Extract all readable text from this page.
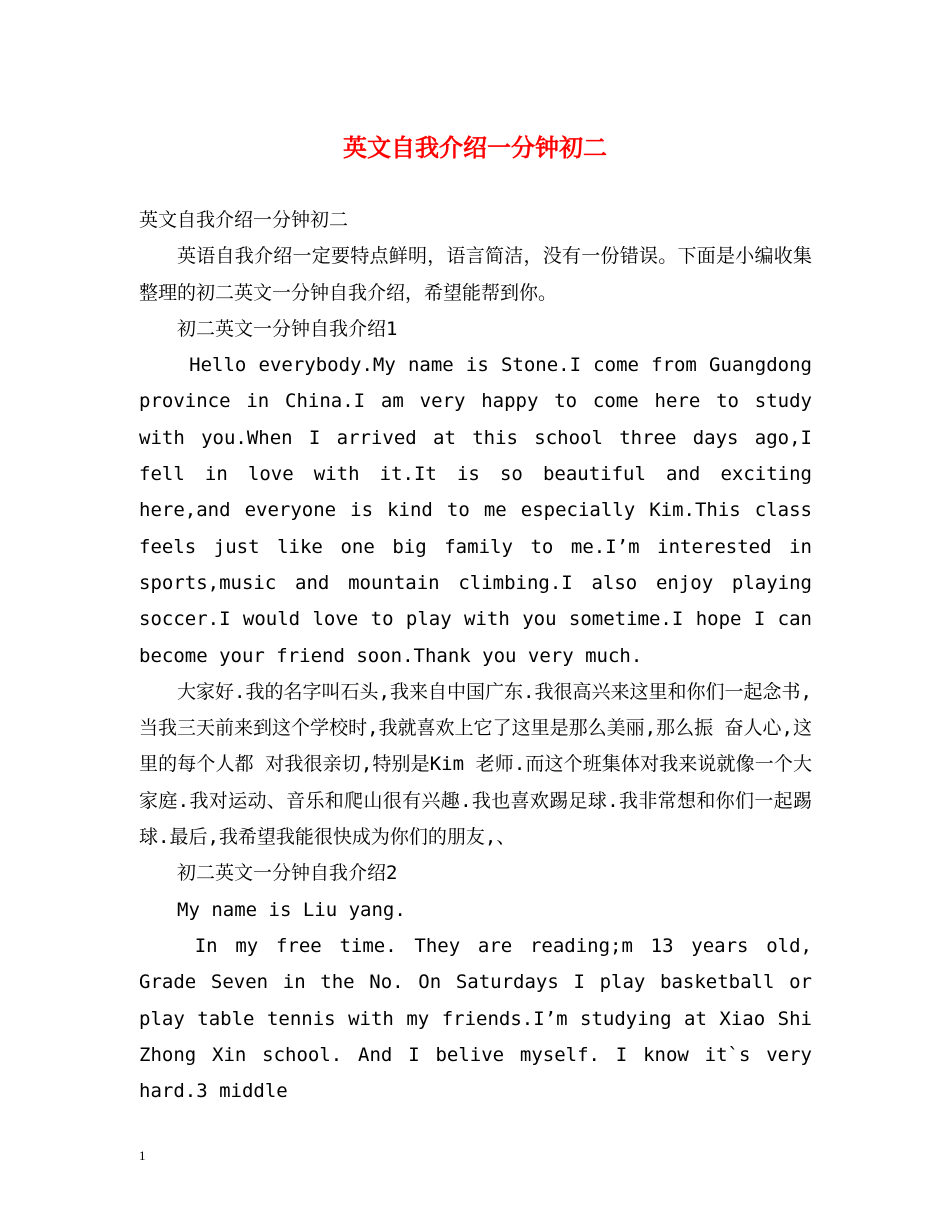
英文自我介绍一分钟初二

英文自我介绍一分钟初二

英语自我介绍一定要特点鲜明，语言简洁，没有一份错误。下面是小编收集整理的初二英文一分钟自我介绍，希望能帮到你。

初二英文一分钟自我介绍1

Hello everybody.My name is Stone.I come from Guangdong province in China.I am very happy to come here to study with you.When I arrived at this school three days ago,I fell in love with it.It is so beautiful and exciting here,and everyone is kind to me especially Kim.This class feels just like one big family to me.I’m interested in sports,music and mountain climbing.I also enjoy playing soccer.I would love to play with you sometime.I hope I can become your friend soon.Thank you very much.

大家好.我的名字叫石头,我来自中国广东.我很高兴来这里和你们一起念书,当我三天前来到这个学校时,我就喜欢上它了这里是那么美丽,那么振 奋人心,这里的每个人都 对我很亲切,特别是Kim 老师.而这个班集体对我来说就像一个大家庭.我对运动、音乐和爬山很有兴趣.我也喜欢踢足球.我非常想和你们一起踢球.最后,我希望我能很快成为你们的朋友,、

初二英文一分钟自我介绍2

My name is Liu yang.

In my free time. They are reading;m 13 years old, Grade Seven in the No. On Saturdays I play basketball or play table tennis with my friends.I’m studying at Xiao Shi Zhong Xin school. And I belive myself. I know it`s very hard.3 middle

1
